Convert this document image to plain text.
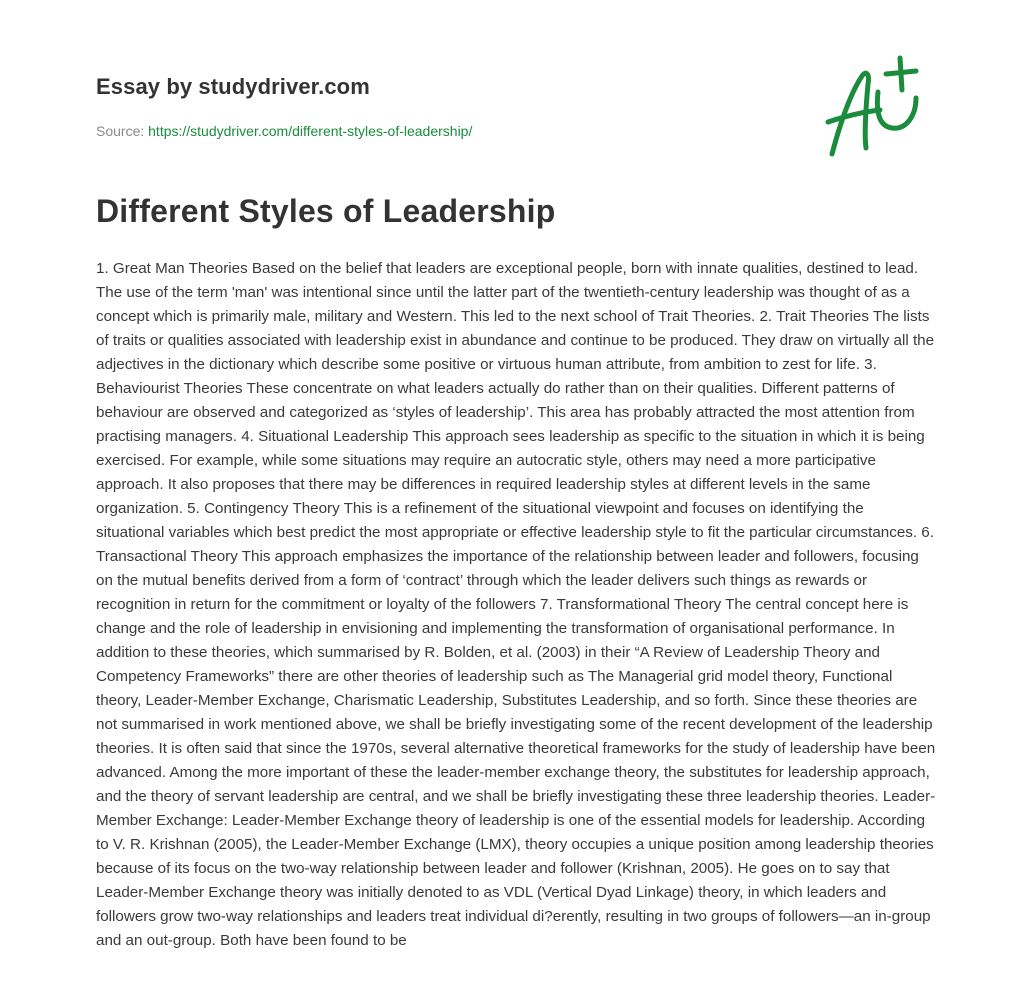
Essay by studydriver.com
Source: https://studydriver.com/different-styles-of-leadership/
Different Styles of Leadership

1. Great Man Theories Based on the belief that leaders are exceptional people, born with innate qualities, destined to lead. The use of the term 'man' was intentional since until the latter part of the twentieth-century leadership was thought of as a concept which is primarily male, military and Western. This led to the next school of Trait Theories. 2. Trait Theories The lists of traits or qualities associated with leadership exist in abundance and continue to be produced. They draw on virtually all the adjectives in the dictionary which describe some positive or virtuous human attribute, from ambition to zest for life. 3. Behaviourist Theories These concentrate on what leaders actually do rather than on their qualities. Different patterns of behaviour are observed and categorized as ‘styles of leadership’. This area has probably attracted the most attention from practising managers. 4. Situational Leadership This approach sees leadership as specific to the situation in which it is being exercised. For example, while some situations may require an autocratic style, others may need a more participative approach. It also proposes that there may be differences in required leadership styles at different levels in the same organization. 5. Contingency Theory This is a refinement of the situational viewpoint and focuses on identifying the situational variables which best predict the most appropriate or effective leadership style to fit the particular circumstances. 6. Transactional Theory This approach emphasizes the importance of the relationship between leader and followers, focusing on the mutual benefits derived from a form of ‘contract’ through which the leader delivers such things as rewards or recognition in return for the commitment or loyalty of the followers 7. Transformational Theory The central concept here is change and the role of leadership in envisioning and implementing the transformation of organisational performance. In addition to these theories, which summarised by R. Bolden, et al. (2003) in their “A Review of Leadership Theory and Competency Frameworks” there are other theories of leadership such as The Managerial grid model theory, Functional theory, Leader-Member Exchange, Charismatic Leadership, Substitutes Leadership, and so forth. Since these theories are not summarised in work mentioned above, we shall be briefly investigating some of the recent development of the leadership theories. It is often said that since the 1970s, several alternative theoretical frameworks for the study of leadership have been advanced. Among the more important of these the leader-member exchange theory, the substitutes for leadership approach, and the theory of servant leadership are central, and we shall be briefly investigating these three leadership theories. Leader-Member Exchange: Leader-Member Exchange theory of leadership is one of the essential models for leadership. According to V. R. Krishnan (2005), the Leader-Member Exchange (LMX), theory occupies a unique position among leadership theories because of its focus on the two-way relationship between leader and follower (Krishnan, 2005). He goes on to say that Leader-Member Exchange theory was initially denoted to as VDL (Vertical Dyad Linkage) theory, in which leaders and followers grow two-way relationships and leaders treat individual di?erently, resulting in two groups of followers—an in-group and an out-group. Both have been found to be
